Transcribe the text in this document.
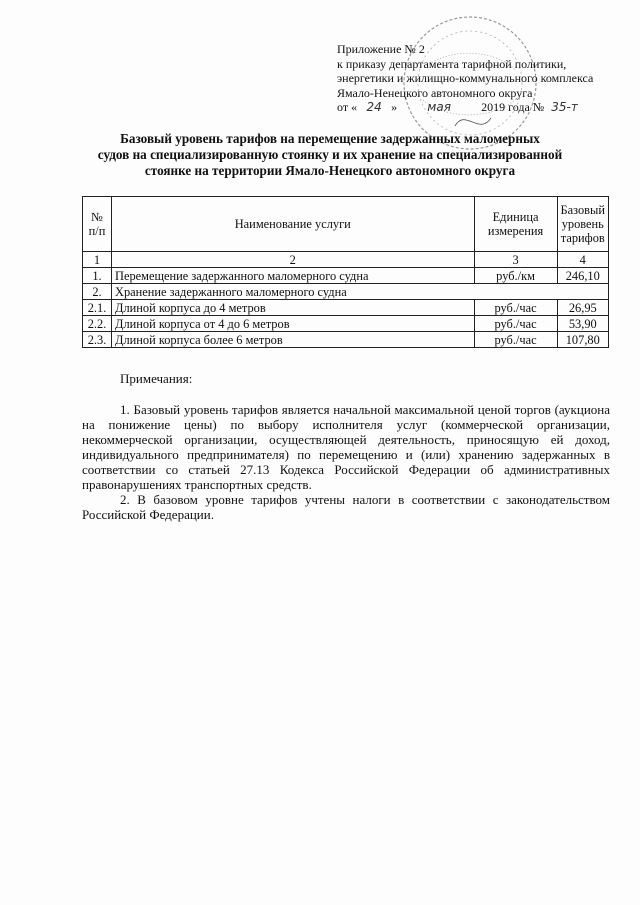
Приложение № 2
к приказу департамента тарифной политики,
энергетики и жилищно-коммунального комплекса
Ямало-Ненецкого автономного округа
от « 24 »	мая	2019 года № 35-т
Базовый уровень тарифов на перемещение задержанных маломерных
судов на специализированную стоянку и их хранение на специализированной
стоянке на территории Ямало-Ненецкого автономного округа
№ п/п	Наименование услуги	Единица измерения	Базовый уровень тарифов
1	2	3	4
1.	Перемещение задержанного маломерного судна	руб./км	246,10
2.	Хранение задержанного маломерного судна		
2.1.	Длиной корпуса до 4 метров	руб./час	26,95
2.2.	Длиной корпуса от 4 до 6 метров	руб./час	53,90
2.3.	Длиной корпуса более 6 метров	руб./час	107,80
Примечания:

1. Базовый уровень тарифов является начальной максимальной ценой торгов (аукциона на понижение цены) по выбору исполнителя услуг (коммерческой организации, некоммерческой организации, осуществляющей деятельность, приносящую ей доход, индивидуального предпринимателя) по перемещению и (или) хранению задержанных в соответствии со статьей 27.13 Кодекса Российской Федерации об административных правонарушениях транспортных средств.

2. В базовом уровне тарифов учтены налоги в соответствии с законодательством Российской Федерации.
